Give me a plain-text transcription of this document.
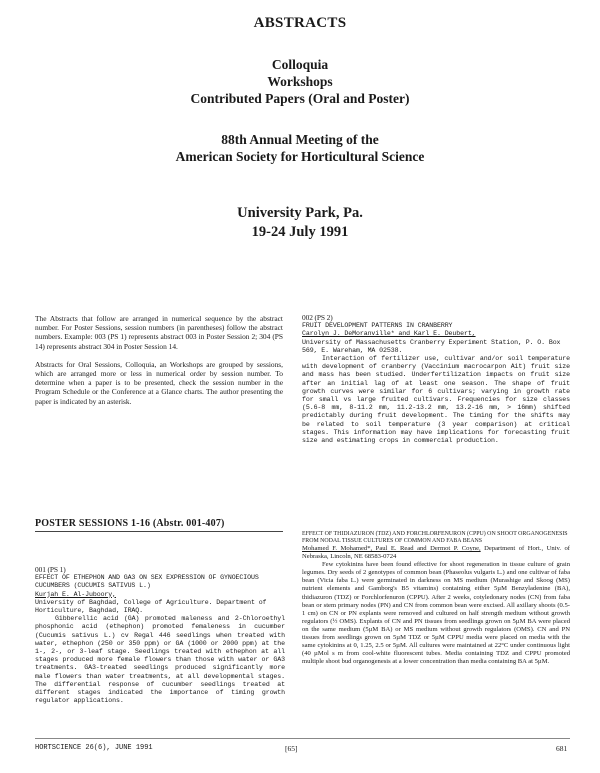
ABSTRACTS
Colloquia
Workshops
Contributed Papers (Oral and Poster)
88th Annual Meeting of the
American Society for Horticultural Science
University Park, Pa.
19-24 July 1991

The Abstracts that follow are arranged in numerical sequence by the abstract number. For Poster Sessions, session numbers (in parentheses) follow the abstract numbers. Example: 003 (PS 1) represents abstract 003 in Poster Session 2; 304 (PS 14) represents abstract 304 in Poster Session 14.

Abstracts for Oral Sessions, Colloquia, an Workshops are grouped by sessions, which are arranged more or less in numerical order by session number. To determine when a paper is to be presented, check the session number in the Program Schedule or the Conference at a Glance charts. The author presenting the paper is indicated by an asterisk.

002 (PS 2)

FRUIT DEVELOPMENT PATTERNS IN CRANBERRY

Carolyn J. DeMoranville* and Karl E. Deubert,

University of Massachusetts Cranberry Experiment Station, P. O. Box 569, E. Wareham, MA 02538.

Interaction of fertilizer use, cultivar and/or soil temperature with development of cranberry (Vaccinium macrocarpon Ait) fruit size and mass has been studied. Underfertilization impacts on fruit size after an initial lag of at least one season. The shape of fruit growth curves were similar for 6 cultivars; varying in growth rate for small vs large fruited cultivars. Frequencies for size classes (5.6-8 mm, 8-11.2 mm, 11.2-13.2 mm, 13.2-16 mm, > 16mm) shifted predictably during fruit development. The timing for the shifts may be related to soil temperature (3 year comparison) at critical stages. This information may have implications for forecasting fruit size and estimating crops in commercial production.

POSTER SESSIONS 1-16 (Abstr. 001-407)

001 (PS 1)

EFFECT OF ETHEPHON AND GA3 ON SEX EXPRESSION OF GYNOECIOUS CUCUMBERS (CUCUMIS SATIVUS L.)

Kurjah E. Al-Juboory,

University of Baghdad, College of Agriculture. Department of Horticulture, Baghdad, IRAQ.

Gibberellic acid (GA) promoted maleness and 2-Chloroethyl phosphonic acid (ethephon) promoted femaleness in cucumber (Cucumis sativus L.) cv Regal 446 seedlings when treated with water, ethephon (250 or 350 ppm) or GA (1000 or 2000 ppm) at the 1-, 2-, or 3-leaf stage. Seedlings treated with ethephon at all stages produced more female flowers than those with water or GA3 treatments. GA3-treated seedlings produced significantly more male flowers than water treatments, at all developmental stages. The differential response of cucumber seedlings treated at different stages indicated the importance of timing growth regulator applications.

EFFECT OF THIDIAZURON (TDZ) AND FORCHLORFENURON (CPPU) ON SHOOT ORGANOGENESIS FROM NODAL TISSUE CULTURES OF COMMON AND FABA BEANS

Mohamed F. Mohamed*, Paul E. Read and Dermot P. Coyne, Department of Hort., Univ. of Nebraska, Lincoln, NE 68583-0724

Few cytokinins have been found effective for shoot regeneration in tissue culture of grain legumes. Dry seeds of 2 genotypes of common bean (Phaseolus vulgaris L.) and one cultivar of faba bean (Vicia faba L.) were germinated in darkness on MS medium (Murashige and Skoog (MS) nutrient elements and Gamborg's B5 vitamins) containing either 5µM Benzyladenine (BA), thidiazuron (TDZ) or Forchlorfenuron (CPPU). After 2 weeks, cotyledonary nodes (CN) from faba bean or stem primary nodes (PN) and CN from common bean were excised. All axillary shoots (0.5-1 cm) on CN or PN explants were removed and cultured on half strength medium without growth regulators (½ OMS). Explants of CN and PN tissues from seedlings grown on 5µM BA were placed on the same medium (5µM BA) or MS medium without growth regulators (OMS). CN and PN tissues from seedlings grown on 5µM TDZ or 5µM CPPU media were placed on media with the same cytokinins at 0, 1.25, 2.5 or 5µM. All cultures were maintained at 22°C under continuous light (40 µMol s m from cool-white fluorescent tubes. Media containing TDZ and CPPU promoted multiple shoot bud organogenesis at a lower concentration than media containing BA at 5µM.

HORTSCIENCE 26(6), JUNE 1991	[65]	681
